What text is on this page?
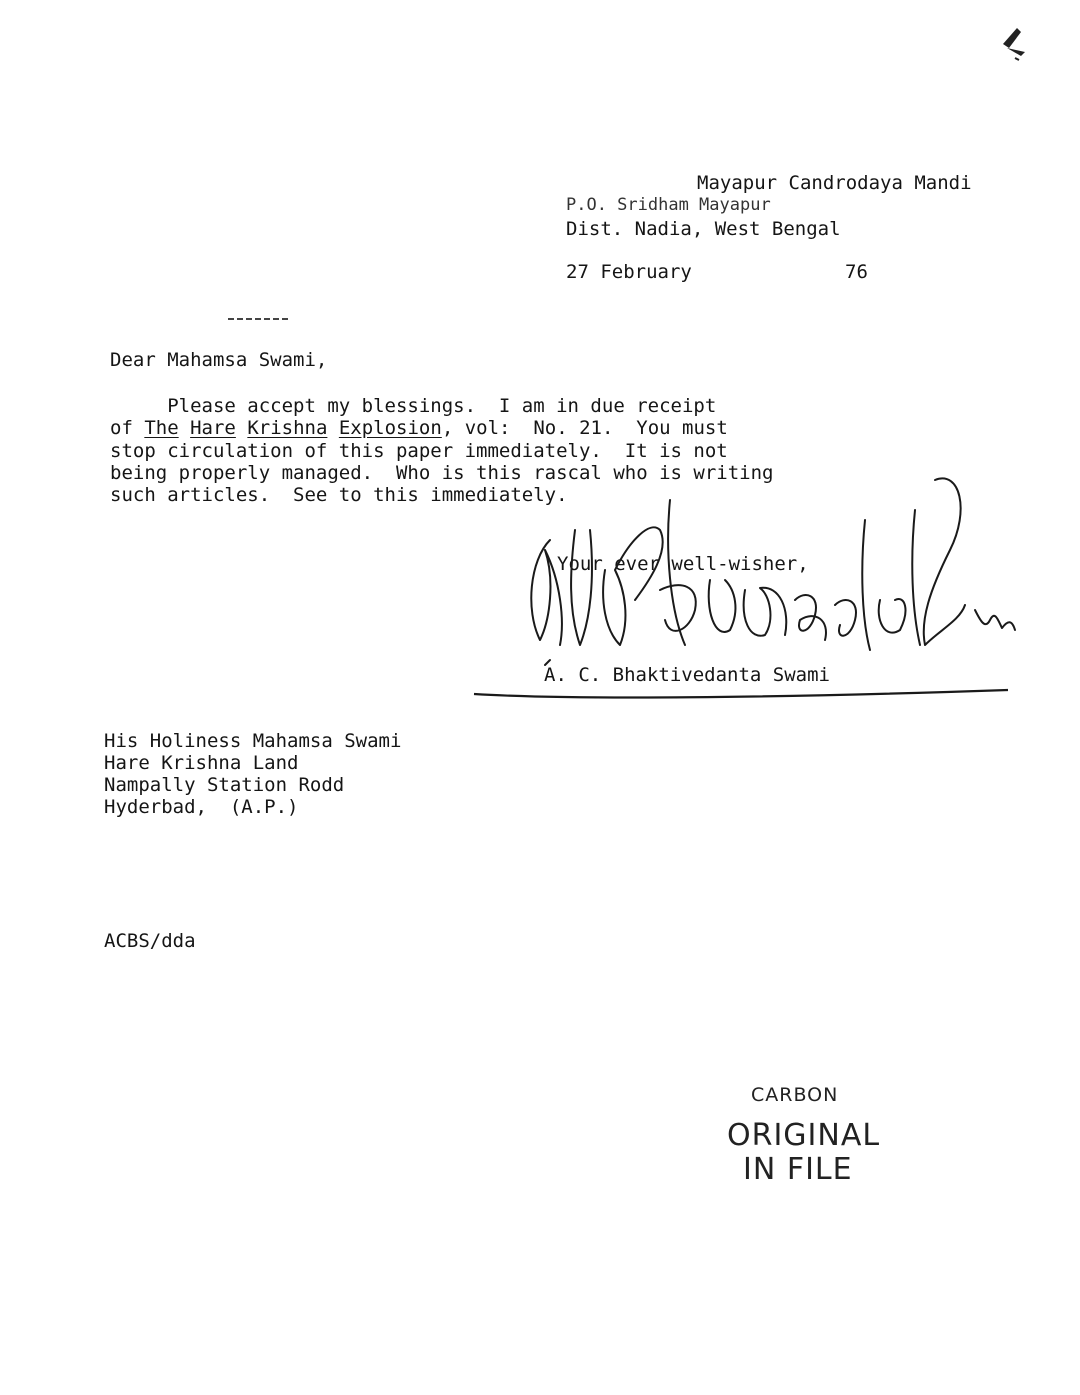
Mayapur Candrodaya Mandi
P.O. Sridham Mayapur
Dist. Nadia, West Bengal
27 February	76
Dear Mahamsa Swami,
Please accept my blessings.  I am in due receipt
of The Hare Krishna Explosion, vol:  No. 21.  You must
stop circulation of this paper immediately.  It is not
being properly managed.  Who is this rascal who is writing
such articles.  See to this immediately.
Your ever well-wisher,
A. C. Bhaktivedanta Swami
His Holiness Mahamsa Swami
Hare Krishna Land
Nampally Station Rodd
Hyderbad,  (A.P.)
ACBS/dda
CARBON
ORIGINAL
IN FILE
